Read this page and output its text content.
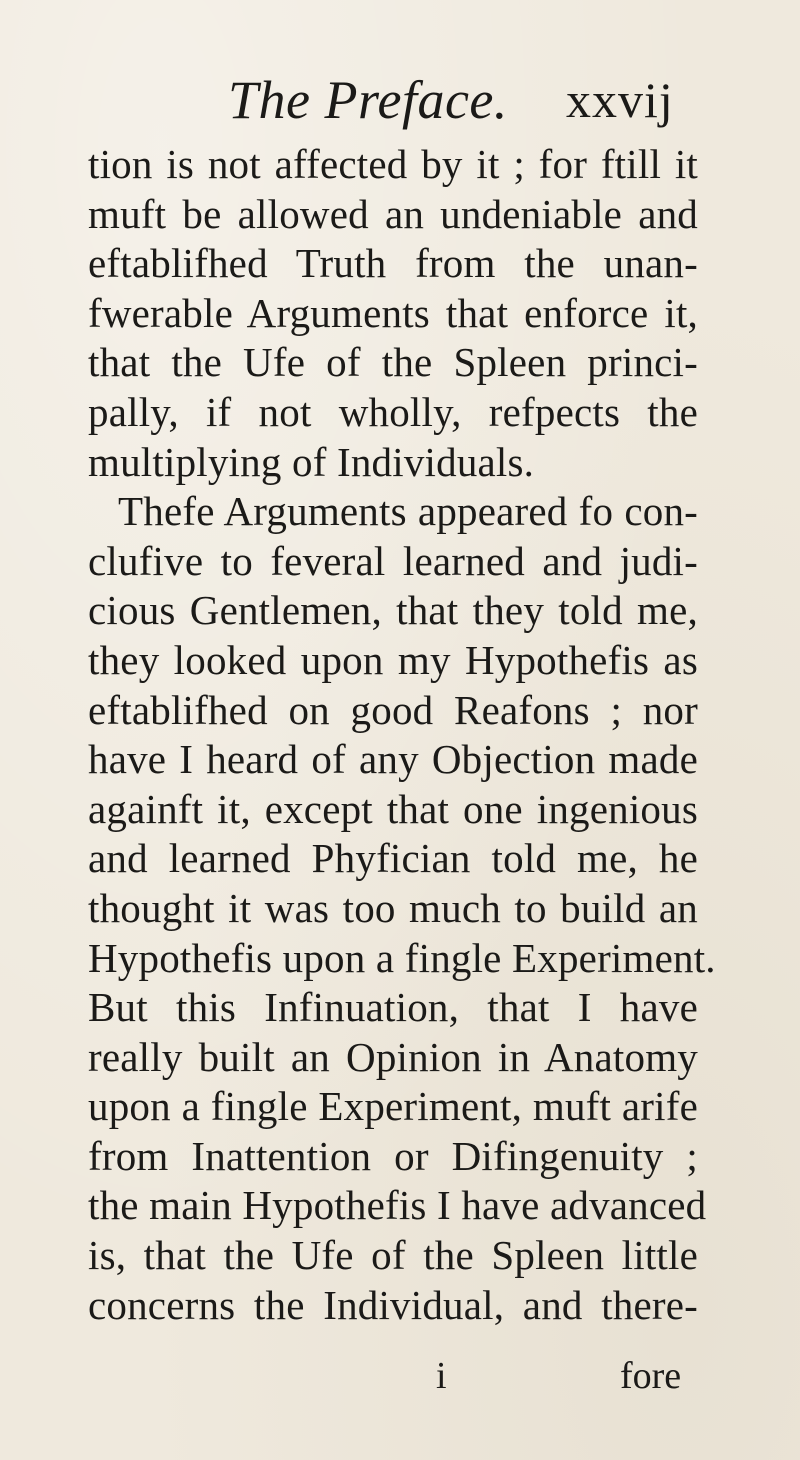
The Preface. xxvij
tion is not affected by it ; for ftill it
muft be allowed an undeniable and
eftablifhed Truth from the unan-
fwerable Arguments that enforce it,
that the Ufe of the Spleen princi-
pally, if not wholly, refpects the
multiplying of Individuals.
Thefe Arguments appeared fo con-
clufive to feveral learned and judi-
cious Gentlemen, that they told me,
they looked upon my Hypothefis as
eftablifhed on good Reafons ; nor
have I heard of any Objection made
againft it, except that one ingenious
and learned Phyfician told me, he
thought it was too much to build an
Hypothefis upon a fingle Experiment.
But this Infinuation, that I have
really built an Opinion in Anatomy
upon a fingle Experiment, muft arife
from Inattention or Difingenuity ;
the main Hypothefis I have advanced
is, that the Ufe of the Spleen little
concerns the Individual, and there-
i	fore
